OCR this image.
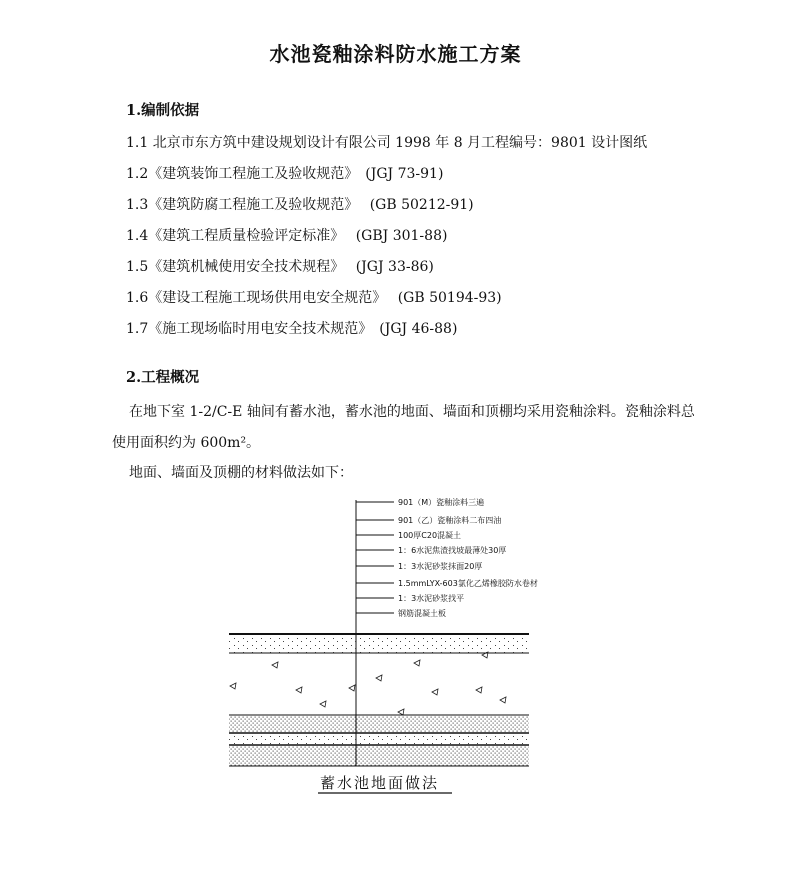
水池瓷釉涂料防水施工方案
1.编制依据
1.1 北京市东方筑中建设规划设计有限公司 1998 年 8 月工程编号：9801 设计图纸
1.2《建筑装饰工程施工及验收规范》　(JGJ 73-91)
1.3《建筑防腐工程施工及验收规范》　 (GB 50212-91)
1.4《建筑工程质量检验评定标准》　 (GBJ 301-88)
1.5《建筑机械使用安全技术规程》　 (JGJ 33-86)
1.6《建设工程施工现场供用电安全规范》　 (GB 50194-93)
1.7《施工现场临时用电安全技术规范》　(JGJ 46-88)
2.工程概况

在地下室 1-2/C-E 轴间有蓄水池，蓄水池的地面、墙面和顶棚均采用瓷釉涂料。瓷釉涂料总使用面积约为 600m²。

地面、墙面及顶棚的材料做法如下：

901（M）瓷釉涂料三遍
901（乙）瓷釉涂料二布四油
100厚C20混凝土
1：6水泥焦渣找坡最薄处30厚
1：3水泥砂浆抹面20厚
1.5mmLYX-603氯化乙烯橡胶防水卷材
1：3水泥砂浆找平
钢筋混凝土板
蓄水池地面做法
